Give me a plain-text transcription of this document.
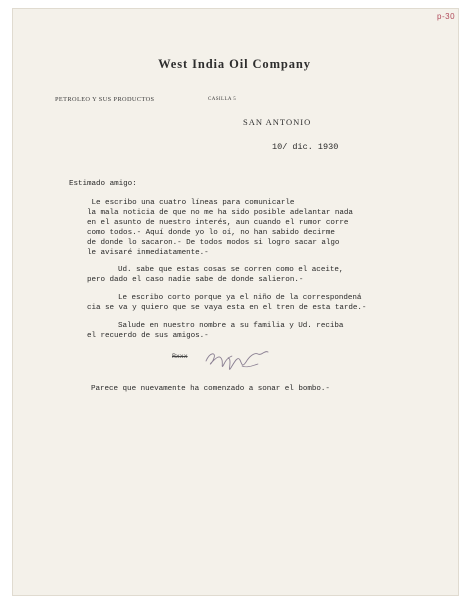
p-30
West India Oil Company
PETROLEO Y SUS PRODUCTOS	CASILLA 5
SAN ANTONIO
10/ dic. 1930
Estimado amigo:
Le escribo una cuatro líneas para comunicarle
la mala noticia de que no me ha sido posible adelantar nada
en el asunto de nuestro interés, aun cuando el rumor corre
como todos.- Aquí donde yo lo oí, no han sabido decirme
de donde lo sacaron.- De todos modos si logro sacar algo
le avisaré inmediatamente.-
Ud. sabe que estas cosas se corren como el aceite,
pero dado el caso nadie sabe de donde salieron.-
Le escribo corto porque ya el niño de la correspondená
cia se va y quiero que se vaya esta en el tren de esta tarde.-
Salude en nuestro nombre a su familia y Ud. reciba
el recuerdo de sus amigos.-
Rxxx
Parece que nuevamente ha comenzado a sonar el bombo.-
